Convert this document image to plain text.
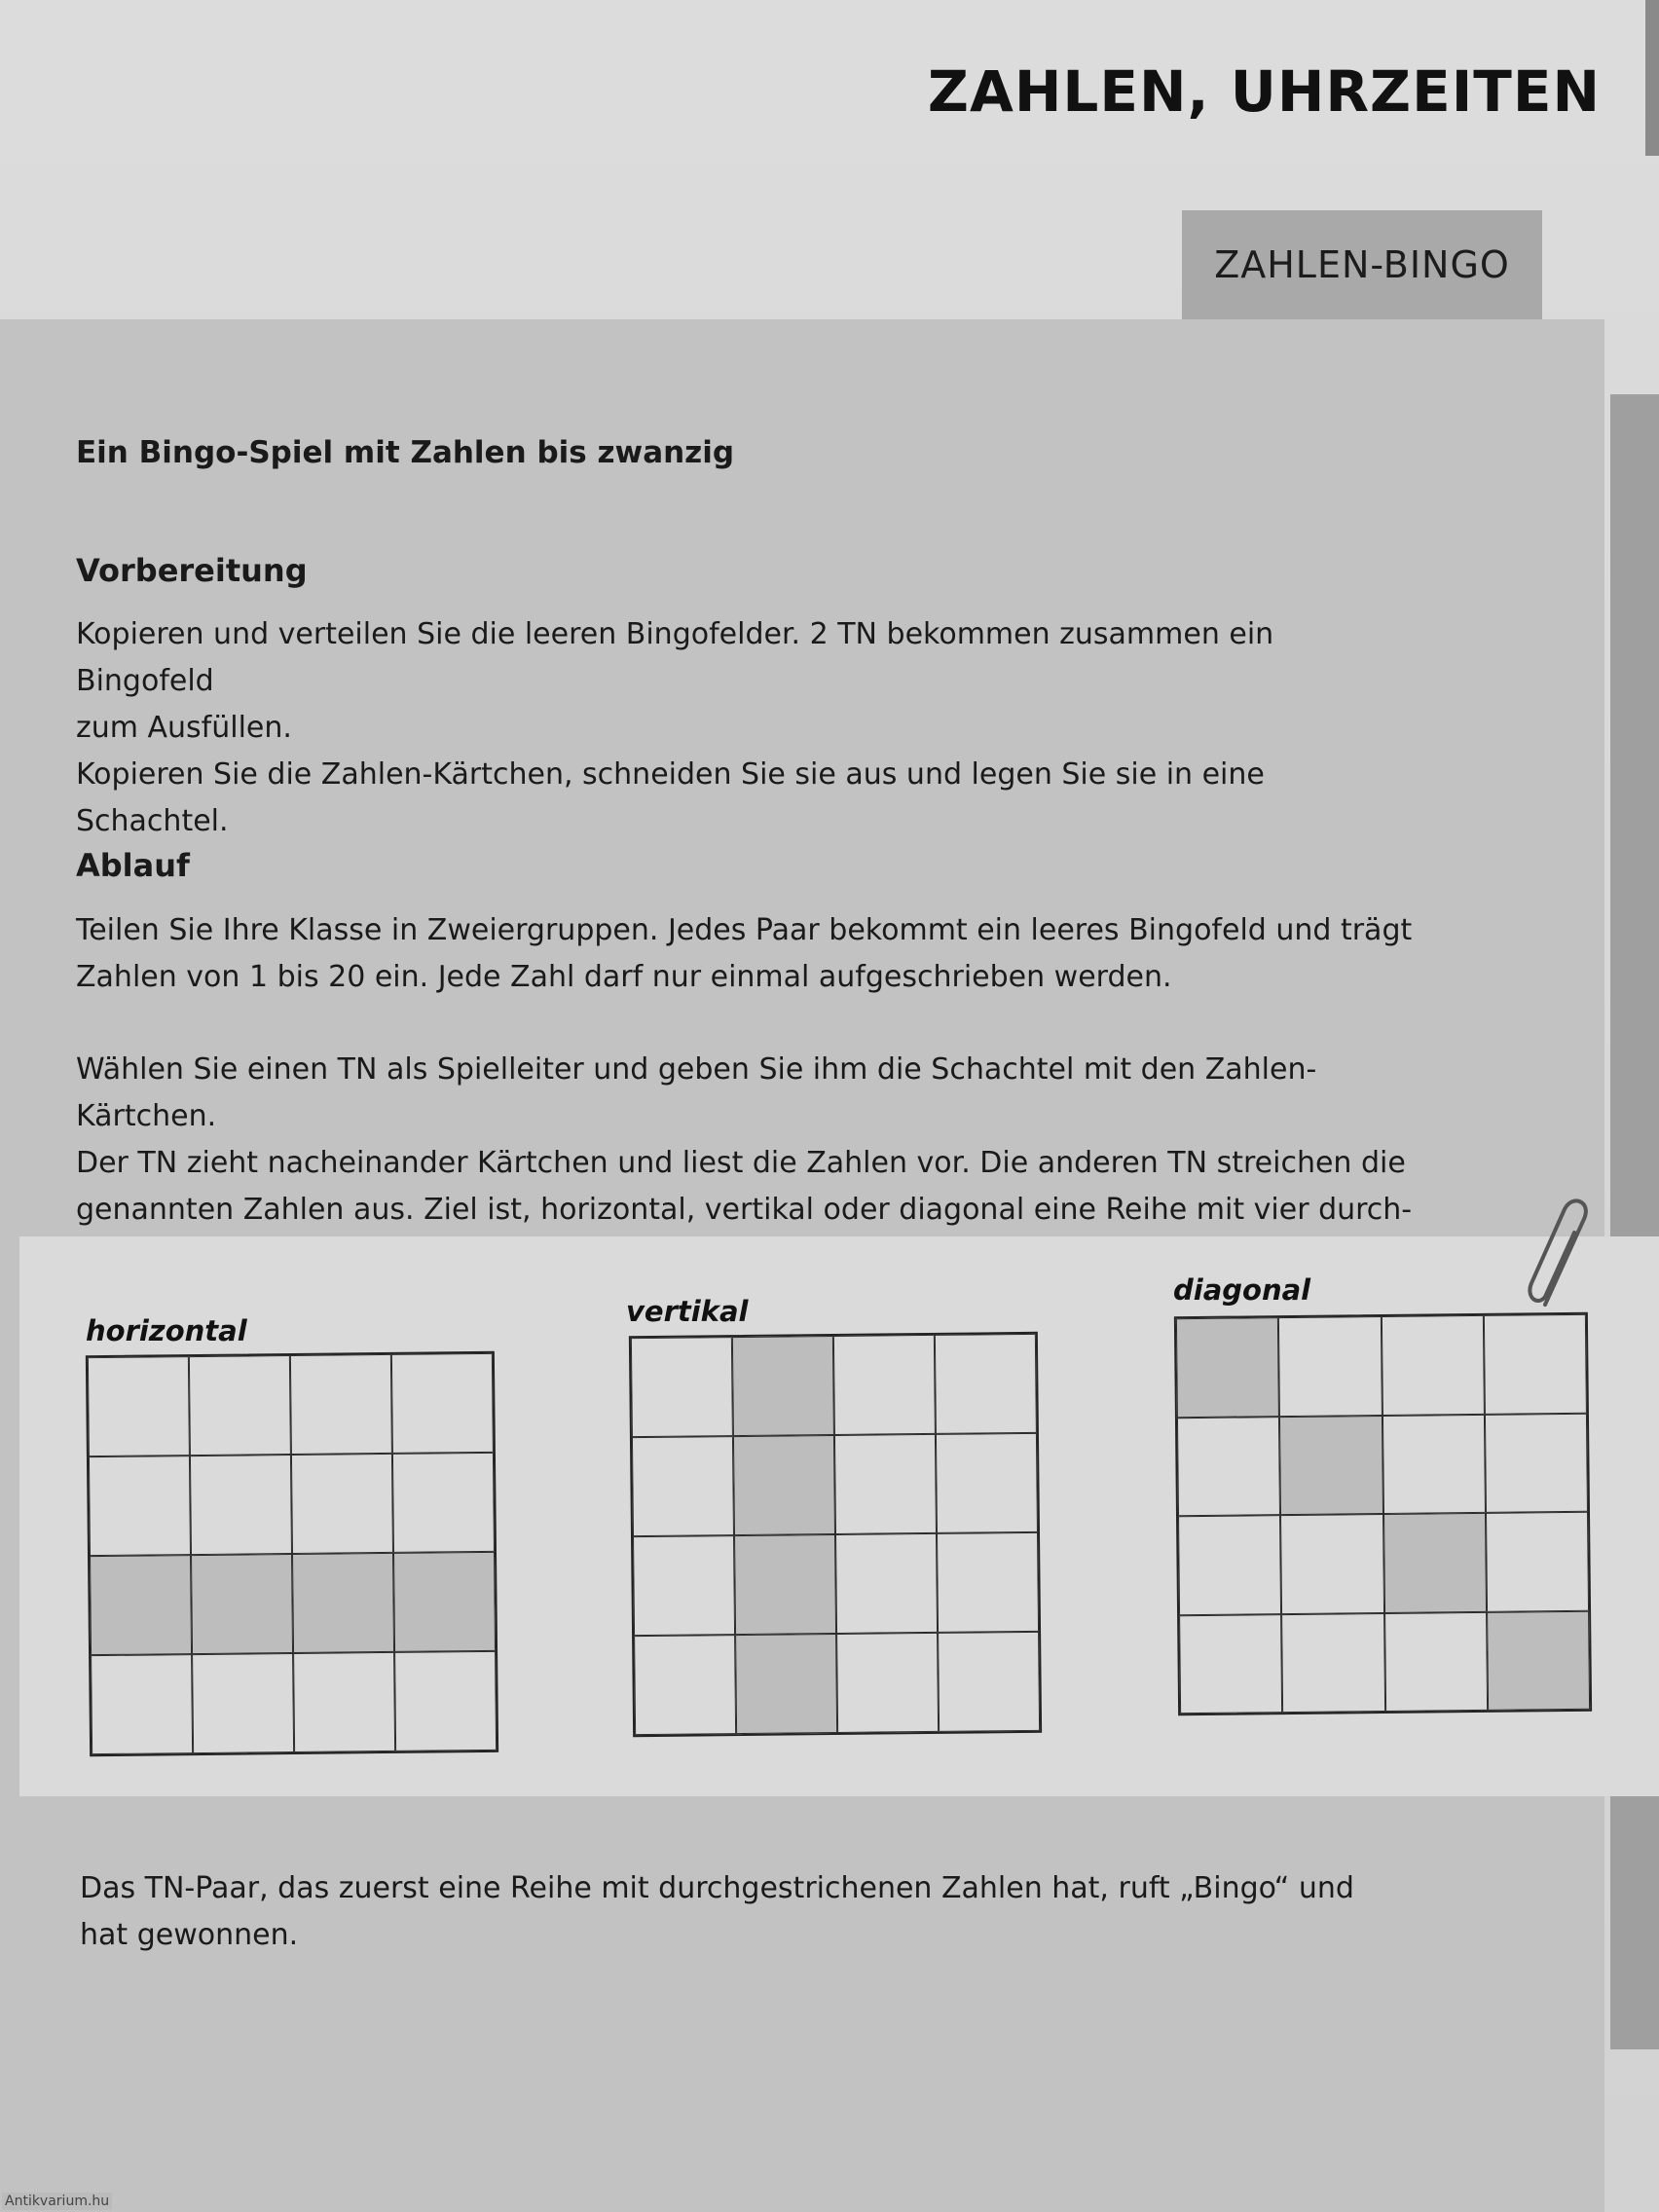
ZAHLEN, UHRZEITEN
ZAHLEN-BINGO
Ein Bingo-Spiel mit Zahlen bis zwanzig
Vorbereitung
Kopieren und verteilen Sie die leeren Bingofelder. 2 TN bekommen zusammen ein Bingofeld
zum Ausfüllen.
Kopieren Sie die Zahlen-Kärtchen, schneiden Sie sie aus und legen Sie sie in eine Schachtel.
Ablauf
Teilen Sie Ihre Klasse in Zweiergruppen. Jedes Paar bekommt ein leeres Bingofeld und trägt
Zahlen von 1 bis 20 ein. Jede Zahl darf nur einmal aufgeschrieben werden.
Wählen Sie einen TN als Spielleiter und geben Sie ihm die Schachtel mit den Zahlen-Kärtchen.
Der TN zieht nacheinander Kärtchen und liest die Zahlen vor. Die anderen TN streichen die
genannten Zahlen aus. Ziel ist, horizontal, vertikal oder diagonal eine Reihe mit vier durch-
horizontal
vertikal
diagonal
Das TN-Paar, das zuerst eine Reihe mit durchgestrichenen Zahlen hat, ruft „Bingo“ und
hat gewonnen.
Antikvarium.hu
